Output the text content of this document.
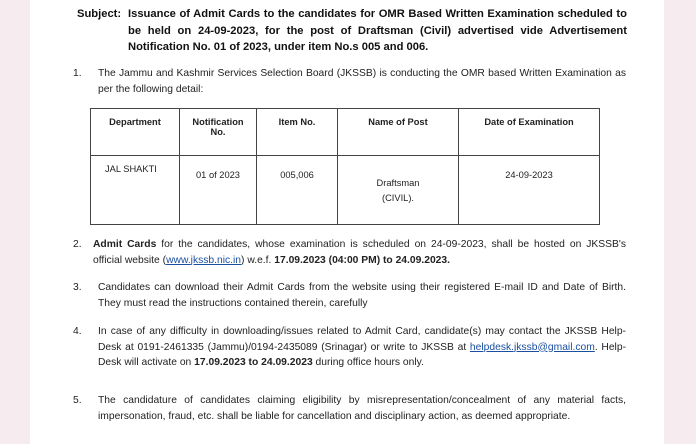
Subject: Issuance of Admit Cards to the candidates for OMR Based Written Examination scheduled to be held on 24-09-2023, for the post of Draftsman (Civil) advertised vide Advertisement Notification No. 01 of 2023, under item No.s 005 and 006.
1. The Jammu and Kashmir Services Selection Board (JKSSB) is conducting the OMR based Written Examination as per the following detail:
Department	Notification No.	Item No.	Name of Post	Date of Examination
JAL SHAKTI	01 of 2023	005,006	Draftsman (CIVIL).	24-09-2023
2. Admit Cards for the candidates, whose examination is scheduled on 24-09-2023, shall be hosted on JKSSB's official website (www.jkssb.nic.in) w.e.f. 17.09.2023 (04:00 PM) to 24.09.2023.
3. Candidates can download their Admit Cards from the website using their registered E-mail ID and Date of Birth. They must read the instructions contained therein, carefully
4. In case of any difficulty in downloading/issues related to Admit Card, candidate(s) may contact the JKSSB Help-Desk at 0191-2461335 (Jammu)/0194-2435089 (Srinagar) or write to JKSSB at helpdesk.jkssb@gmail.com. Help-Desk will activate on 17.09.2023 to 24.09.2023 during office hours only.
5. The candidature of candidates claiming eligibility by misrepresentation/concealment of any material facts, impersonation, fraud, etc. shall be liable for cancellation and disciplinary action, as deemed appropriate.
